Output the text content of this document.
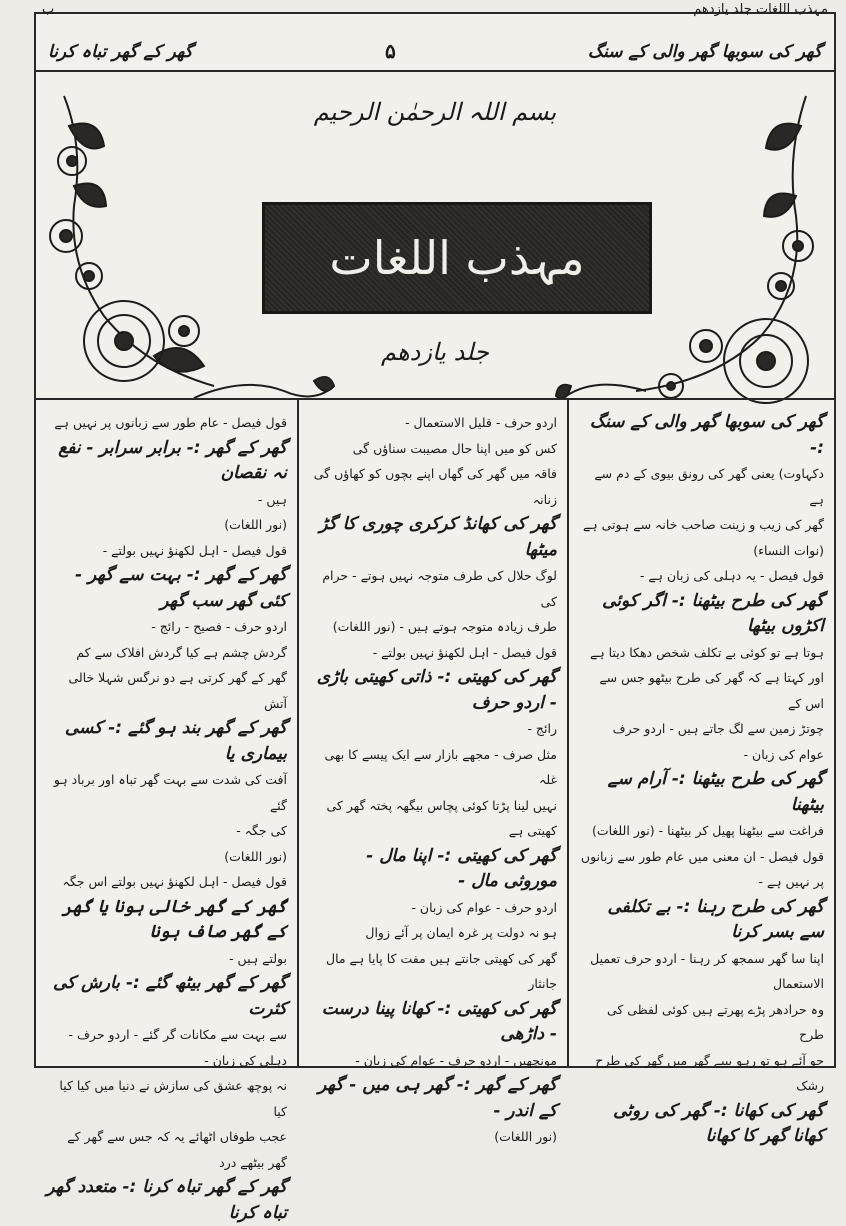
مہذب اللغات جلد یازدھم
ب
گھر کی سوبھا گھر والی کے سنگ
۵
گھر کے گھر تباہ کرنا
بسم اللہ الرحمٰن الرحیم
مہذب اللغات
جلد یازدھم

گھر کی سوبھا گھر والی کے سنگ :-

دکہاوت) یعنی گھر کی رونق بیوی کے دم سے ہے

گھر کی زیب و زینت صاحب خانہ سے ہوتی ہے

(نوات النساء)

قول فیصل - یہ دہلی کی زبان ہے -

گھر کی طرح بیٹھنا :- اگر کوئی اکڑوں بیٹھا

ہوتا ہے تو کوئی بے تکلف شخص دھکا دیتا ہے

اور کہتا ہے کہ گھر کی طرح بیٹھو جس سے اس کے

چوتڑ زمین سے لگ جاتے ہیں - اردو حرف

عوام کی زبان -

گھر کی طرح بیٹھنا :- آرام سے بیٹھنا

فراغت سے بیٹھنا پھیل کر بیٹھنا - (نور اللغات)

قول فیصل - ان معنی میں عام طور سے زبانوں

پر نہیں ہے -

گھر کی طرح رہنا :- بے تکلفی سے بسر کرنا

اپنا سا گھر سمجھ کر رہنا - اردو حرف تعمیل الاستعمال

وہ حرادھر پڑے پھرتے ہیں کوئی لفظی کی طرح

جو آئے ہو تو رہو بیبے گھر میں گھر کی طرح رشک

گھر کی کھانا :- گھر کی روٹی کھانا گھر کا کھانا

اردو حرف - قلیل الاستعمال -

کس کو میں اپنا حال مصیبت سناؤں گی

فاقہ میں گھر کی گھاں اپنے بچوں کو کھاؤں گی زنانہ

گھر کی کھانڈ کرکری چوری کا گڑ میٹھا

لوگ حلال کی طرف متوجہ نہیں ہوتے - حرام کی

طرف زیادہ متوجہ ہوتے ہیں - (نور اللغات)

قول فیصل - اہل لکھنؤ نہیں بولتے -

گھر کی کھیتی :- ذاتی کھیتی باڑی - اردو حرف

رائج -

مثل صرف - مجھے بازار سے ایک پیسے کا بھی غلہ

نہیں لینا پڑتا کوئی پچاس بیگھہ پختہ گھر کی کھیتی ہے

گھر کی کھیتی :- اپنا مال - موروثی مال -

اردو حرف - عوام کی زبان -

ہو نہ دولت پر غرہ ایمان پر آئے زوال

گھر کی کھیتی جانتے ہیں مفت کا پایا ہے مال جانثار

گھر کی کھیتی :- کھانا پینا درست - داڑھی

مونچھیں - اردو حرف - عوام کی زبان -

گھر کے گھر :- گھر ہی میں - گھر کے اندر -

(نور اللغات)

قول فیصل - عام طور سے زبانوں پر نہیں ہے

گھر کے گھر :- برابر سرابر - نفع نہ نقصان

ہیں -

(نور اللغات)

قول فیصل - اہل لکھنؤ نہیں بولتے -

گھر کے گھر :- بہت سے گھر - کئی گھر سب گھر

اردو حرف - فصیح - رائج -

گردش چشم ہے کیا گردش افلاک سے کم

گھر کے گھر کرتی ہے دو نرگس شہلا خالی آتش

گھر کے گھر بند ہو گئے :- کسی بیماری یا

آفت کی شدت سے بہت گھر تباہ اور برباد ہو گئے

کی جگہ -

(نور اللغات)

قول فیصل - اہل لکھنؤ نہیں بولتے اس جگہ

گھر کے گھر خالی ہونا یا گھر کے گھر صاف ہونا

بولتے ہیں -

گھر کے گھر بیٹھ گئے :- بارش کی کثرت

سے بہت سے مکانات گر گئے - اردو حرف - دہلی کی زبان -

نہ پوچھ عشق کی سازش نے دنیا میں کیا کیا کیا

عجب طوفاں اٹھائے یہ کہ جس سے گھر کے گھر بیٹھے درد

گھر کے گھر تباہ کرنا :- متعدد گھر تباہ کرنا
